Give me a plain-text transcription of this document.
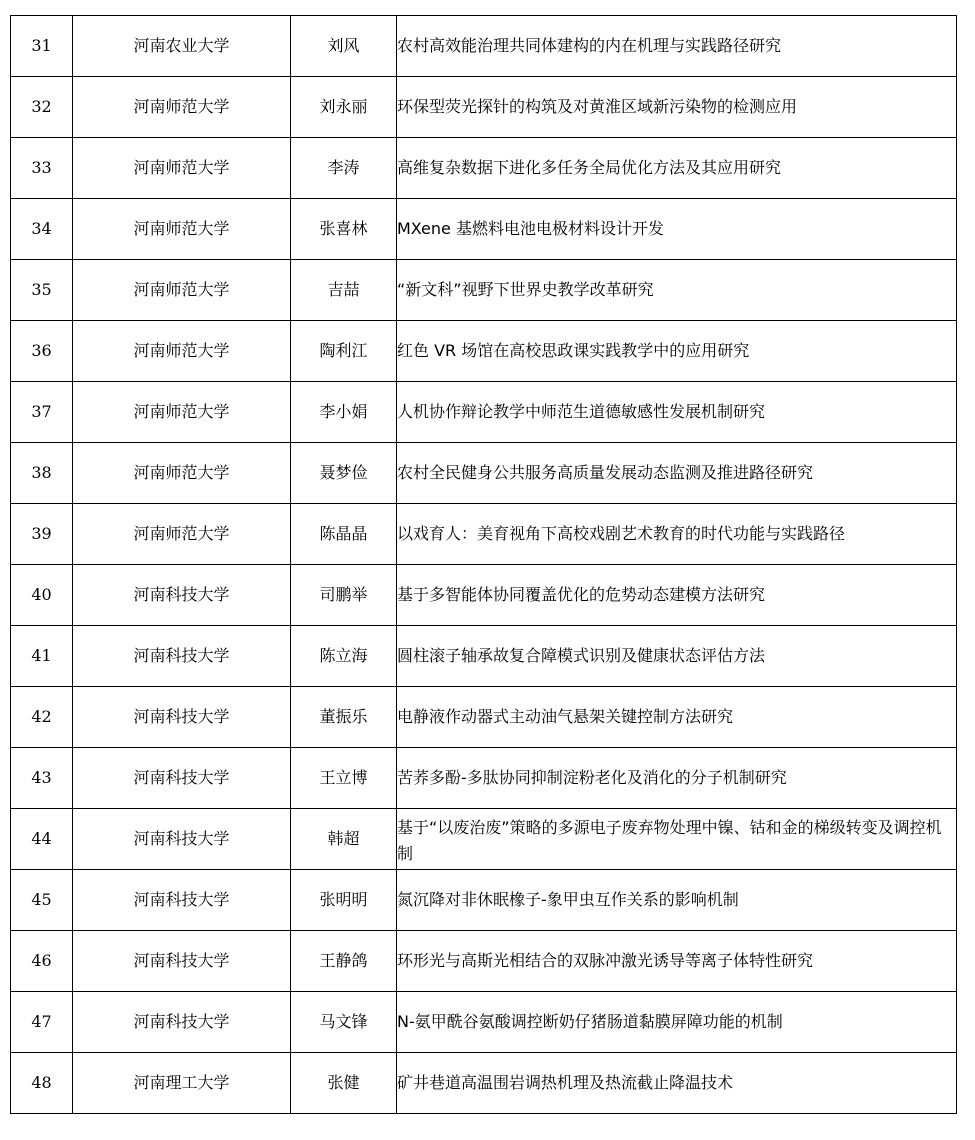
31	河南农业大学	刘风	农村高效能治理共同体建构的内在机理与实践路径研究
32	河南师范大学	刘永丽	环保型荧光探针的构筑及对黄淮区域新污染物的检测应用
33	河南师范大学	李涛	高维复杂数据下进化多任务全局优化方法及其应用研究
34	河南师范大学	张喜林	MXene 基燃料电池电极材料设计开发
35	河南师范大学	吉喆	“新文科”视野下世界史教学改革研究
36	河南师范大学	陶利江	红色 VR 场馆在高校思政课实践教学中的应用研究
37	河南师范大学	李小娟	人机协作辩论教学中师范生道德敏感性发展机制研究
38	河南师范大学	聂梦俭	农村全民健身公共服务高质量发展动态监测及推进路径研究
39	河南师范大学	陈晶晶	以戏育人：美育视角下高校戏剧艺术教育的时代功能与实践路径
40	河南科技大学	司鹏举	基于多智能体协同覆盖优化的危势动态建模方法研究
41	河南科技大学	陈立海	圆柱滚子轴承故复合障模式识别及健康状态评估方法
42	河南科技大学	董振乐	电静液作动器式主动油气悬架关键控制方法研究
43	河南科技大学	王立博	苦荞多酚-多肽协同抑制淀粉老化及消化的分子机制研究
44	河南科技大学	韩超	基于“以废治废”策略的多源电子废弃物处理中镍、钴和金的梯级转变及调控机制
45	河南科技大学	张明明	氮沉降对非休眠橡子-象甲虫互作关系的影响机制
46	河南科技大学	王静鸽	环形光与高斯光相结合的双脉冲激光诱导等离子体特性研究
47	河南科技大学	马文锋	N-氨甲酰谷氨酸调控断奶仔猪肠道黏膜屏障功能的机制
48	河南理工大学	张健	矿井巷道高温围岩调热机理及热流截止降温技术
